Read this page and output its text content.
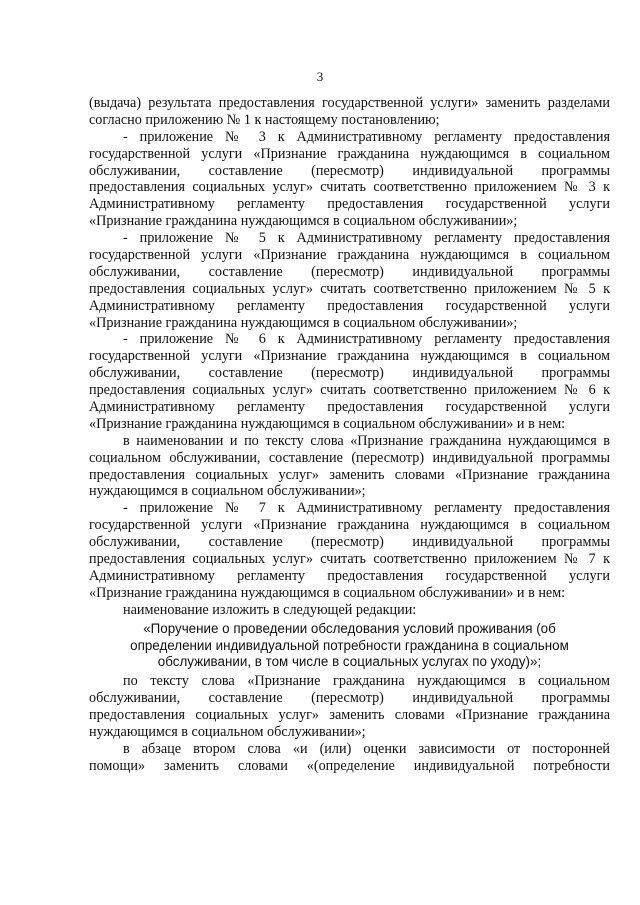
3
(выдача) результата предоставления государственной услуги» заменить разделами
согласно приложению № 1 к настоящему постановлению;
- приложение № 3 к Административному регламенту предоставления
государственной услуги «Признание гражданина нуждающимся в социальном
обслуживании, составление (пересмотр) индивидуальной программы
предоставления социальных услуг» считать соответственно приложением № 3 к
Административному регламенту предоставления государственной услуги
«Признание гражданина нуждающимся в социальном обслуживании»;
- приложение № 5 к Административному регламенту предоставления
государственной услуги «Признание гражданина нуждающимся в социальном
обслуживании, составление (пересмотр) индивидуальной программы
предоставления социальных услуг» считать соответственно приложением № 5 к
Административному регламенту предоставления государственной услуги
«Признание гражданина нуждающимся в социальном обслуживании»;
- приложение № 6 к Административному регламенту предоставления
государственной услуги «Признание гражданина нуждающимся в социальном
обслуживании, составление (пересмотр) индивидуальной программы
предоставления социальных услуг» считать соответственно приложением № 6 к
Административному регламенту предоставления государственной услуги
«Признание гражданина нуждающимся в социальном обслуживании» и в нем:
в наименовании и по тексту слова «Признание гражданина нуждающимся в
социальном обслуживании, составление (пересмотр) индивидуальной программы
предоставления социальных услуг» заменить словами «Признание гражданина
нуждающимся в социальном обслуживании»;
- приложение № 7 к Административному регламенту предоставления
государственной услуги «Признание гражданина нуждающимся в социальном
обслуживании, составление (пересмотр) индивидуальной программы
предоставления социальных услуг» считать соответственно приложением № 7 к
Административному регламенту предоставления государственной услуги
«Признание гражданина нуждающимся в социальном обслуживании» и в нем:
наименование изложить в следующей редакции:
«Поручение о проведении обследования условий проживания (об
определении индивидуальной потребности гражданина в социальном
обслуживании, в том числе в социальных услугах по уходу)»;
по тексту слова «Признание гражданина нуждающимся в социальном
обслуживании, составление (пересмотр) индивидуальной программы
предоставления социальных услуг» заменить словами «Признание гражданина
нуждающимся в социальном обслуживании»;
в абзаце втором слова «и (или) оценки зависимости от посторонней
помощи» заменить словами «(определение индивидуальной потребности
